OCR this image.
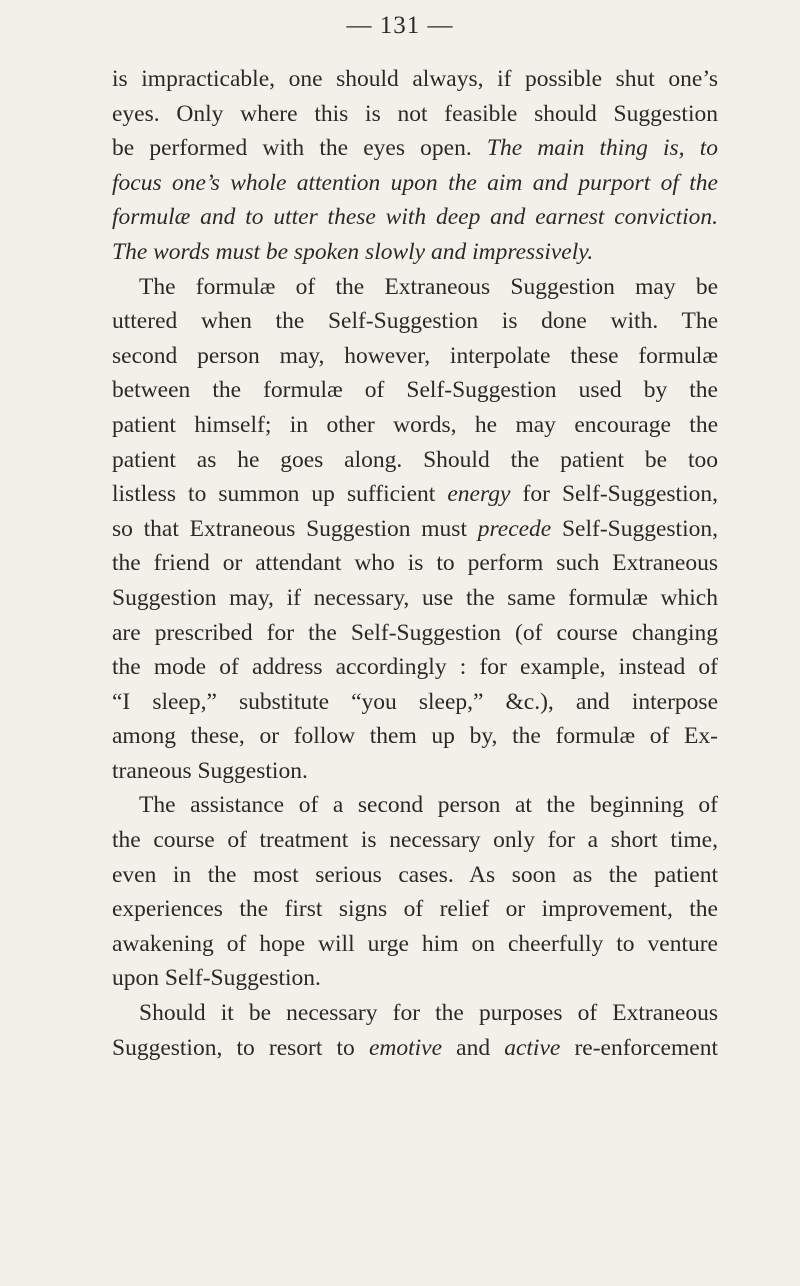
— 131 —
is impracticable, one should always, if possible shut one’s
eyes. Only where this is not feasible should Suggestion
be performed with the eyes open. The main thing is, to
focus one’s whole attention upon the aim and purport of the
formulæ and to utter these with deep and earnest conviction.
The words must be spoken slowly and impressively.
The formulæ of the Extraneous Suggestion may be
uttered when the Self-Suggestion is done with. The
second person may, however, interpolate these formulæ
between the formulæ of Self-Suggestion used by the
patient himself; in other words, he may encourage the
patient as he goes along. Should the patient be too
listless to summon up sufficient energy for Self-Suggestion,
so that Extraneous Suggestion must precede Self-Suggestion,
the friend or attendant who is to perform such Extraneous
Suggestion may, if necessary, use the same formulæ which
are prescribed for the Self-Suggestion (of course changing
the mode of address accordingly : for example, instead of
“I sleep,” substitute “you sleep,” &c.), and interpose
among these, or follow them up by, the formulæ of Ex-
traneous Suggestion.
The assistance of a second person at the beginning of
the course of treatment is necessary only for a short time,
even in the most serious cases. As soon as the patient
experiences the first signs of relief or improvement, the
awakening of hope will urge him on cheerfully to venture
upon Self-Suggestion.
Should it be necessary for the purposes of Extraneous
Suggestion, to resort to emotive and active re-enforcement
